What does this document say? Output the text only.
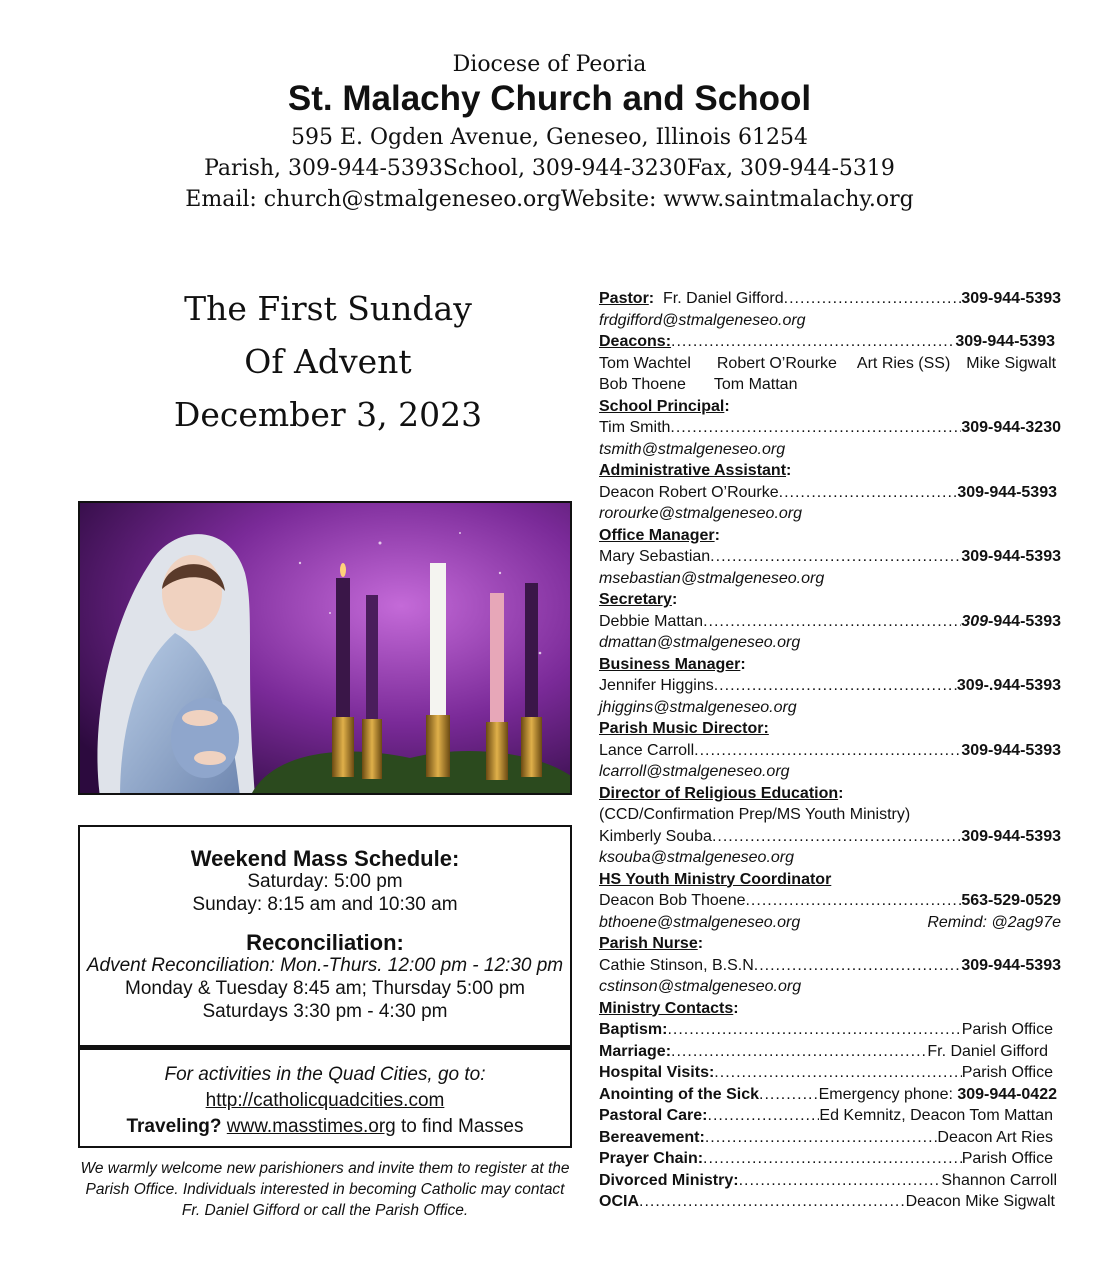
Diocese of Peoria
St. Malachy Church and School
595 E. Ogden Avenue, Geneseo, Illinois 61254
Parish, 309-944-5393School, 309-944-3230Fax, 309-944-5319
Email: church@stmalgeneseo.orgWebsite: www.saintmalachy.org
The First Sunday
Of Advent
December 3, 2023
Weekend Mass Schedule:
Saturday: 5:00 pm
Sunday: 8:15 am and 10:30 am
Reconciliation:
Advent Reconciliation: Mon.-Thurs. 12:00 pm - 12:30 pm
Monday & Tuesday 8:45 am; Thursday 5:00 pm
Saturdays 3:30 pm - 4:30 pm
For activities in the Quad Cities, go to:
http://catholicquadcities.com
Traveling? www.masstimes.org to find Masses
We warmly welcome new parishioners and invite them to register at the Parish Office. Individuals interested in becoming Catholic may contact Fr. Daniel Gifford or call the Parish Office.
Pastor: Fr. Daniel Gifford .....	309-944-5393
frdgifford@stmalgeneseo.org
Deacons: .....	309-944-5393
Tom Wachtel Robert O’Rourke Art Ries (SS) Mike Sigwalt
Bob Thoene Tom Mattan
School Principal:
Tim Smith .....	309-944-3230
tsmith@stmalgeneseo.org
Administrative Assistant:
Deacon Robert O’Rourke .....	309-944-5393
rorourke@stmalgeneseo.org
Office Manager:
Mary Sebastian .....	309-944-5393
msebastian@stmalgeneseo.org
Secretary:
Debbie Mattan .....	309-944-5393
dmattan@stmalgeneseo.org
Business Manager:
Jennifer Higgins .....	309-.944-5393
jhiggins@stmalgeneseo.org
Parish Music Director:
Lance Carroll .....	309-944-5393
lcarroll@stmalgeneseo.org
Director of Religious Education:
(CCD/Confirmation Prep/MS Youth Ministry)
Kimberly Souba .....	309-944-5393
ksouba@stmalgeneseo.org
HS Youth Ministry Coordinator
Deacon Bob Thoene .....	563-529-0529
bthoene@stmalgeneseo.org	Remind: @2ag97e
Parish Nurse:
Cathie Stinson, B.S.N .....	309-944-5393
cstinson@stmalgeneseo.org
Ministry Contacts:
Baptism: .....	Parish Office
Marriage: .....	Fr. Daniel Gifford
Hospital Visits: .....	Parish Office
Anointing of the Sick .....	Emergency phone: 309-944-0422
Pastoral Care: .....	Ed Kemnitz, Deacon Tom Mattan
Bereavement: .....	Deacon Art Ries
Prayer Chain: .....	Parish Office
Divorced Ministry: .....	Shannon Carroll
OCIA .....	Deacon Mike Sigwalt
